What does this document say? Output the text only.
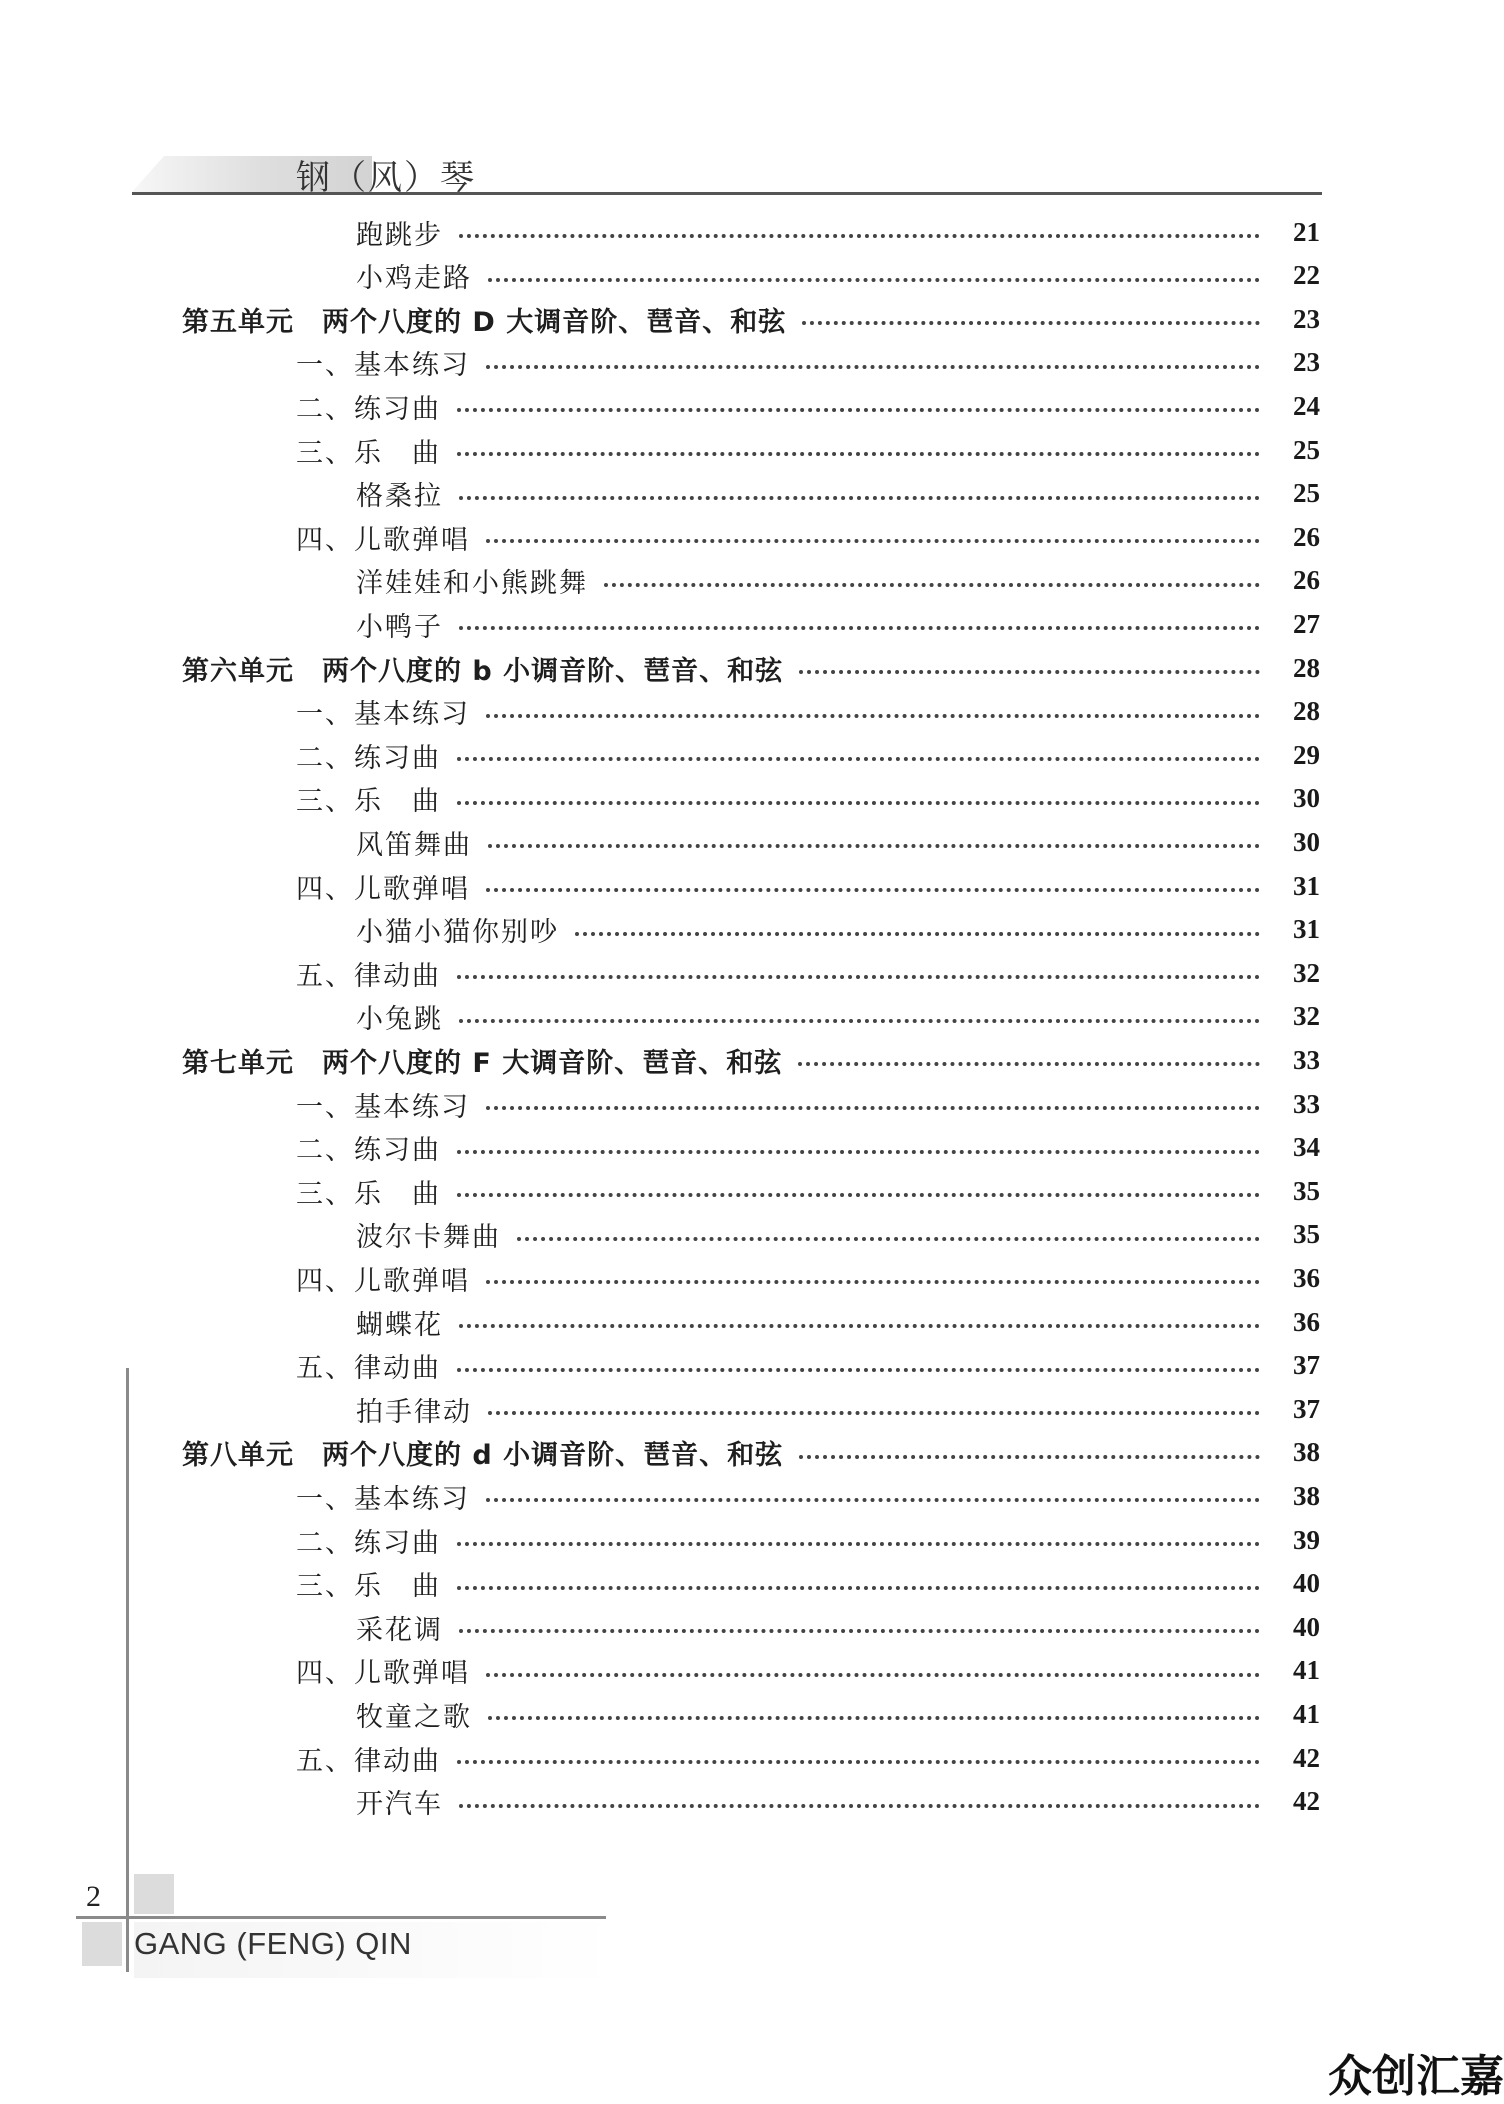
钢（风）琴
跑跳步	21
小鸡走路	22
第五单元　两个八度的 D 大调音阶、琶音、和弦	23
一、基本练习	23
二、练习曲	24
三、乐　曲	25
格桑拉	25
四、儿歌弹唱	26
洋娃娃和小熊跳舞	26
小鸭子	27
第六单元　两个八度的 b 小调音阶、琶音、和弦	28
一、基本练习	28
二、练习曲	29
三、乐　曲	30
风笛舞曲	30
四、儿歌弹唱	31
小猫小猫你别吵	31
五、律动曲	32
小兔跳	32
第七单元　两个八度的 F 大调音阶、琶音、和弦	33
一、基本练习	33
二、练习曲	34
三、乐　曲	35
波尔卡舞曲	35
四、儿歌弹唱	36
蝴蝶花	36
五、律动曲	37
拍手律动	37
第八单元　两个八度的 d 小调音阶、琶音、和弦	38
一、基本练习	38
二、练习曲	39
三、乐　曲	40
采花调	40
四、儿歌弹唱	41
牧童之歌	41
五、律动曲	42
开汽车	42
2
GANG (FENG) QIN
众创汇嘉
